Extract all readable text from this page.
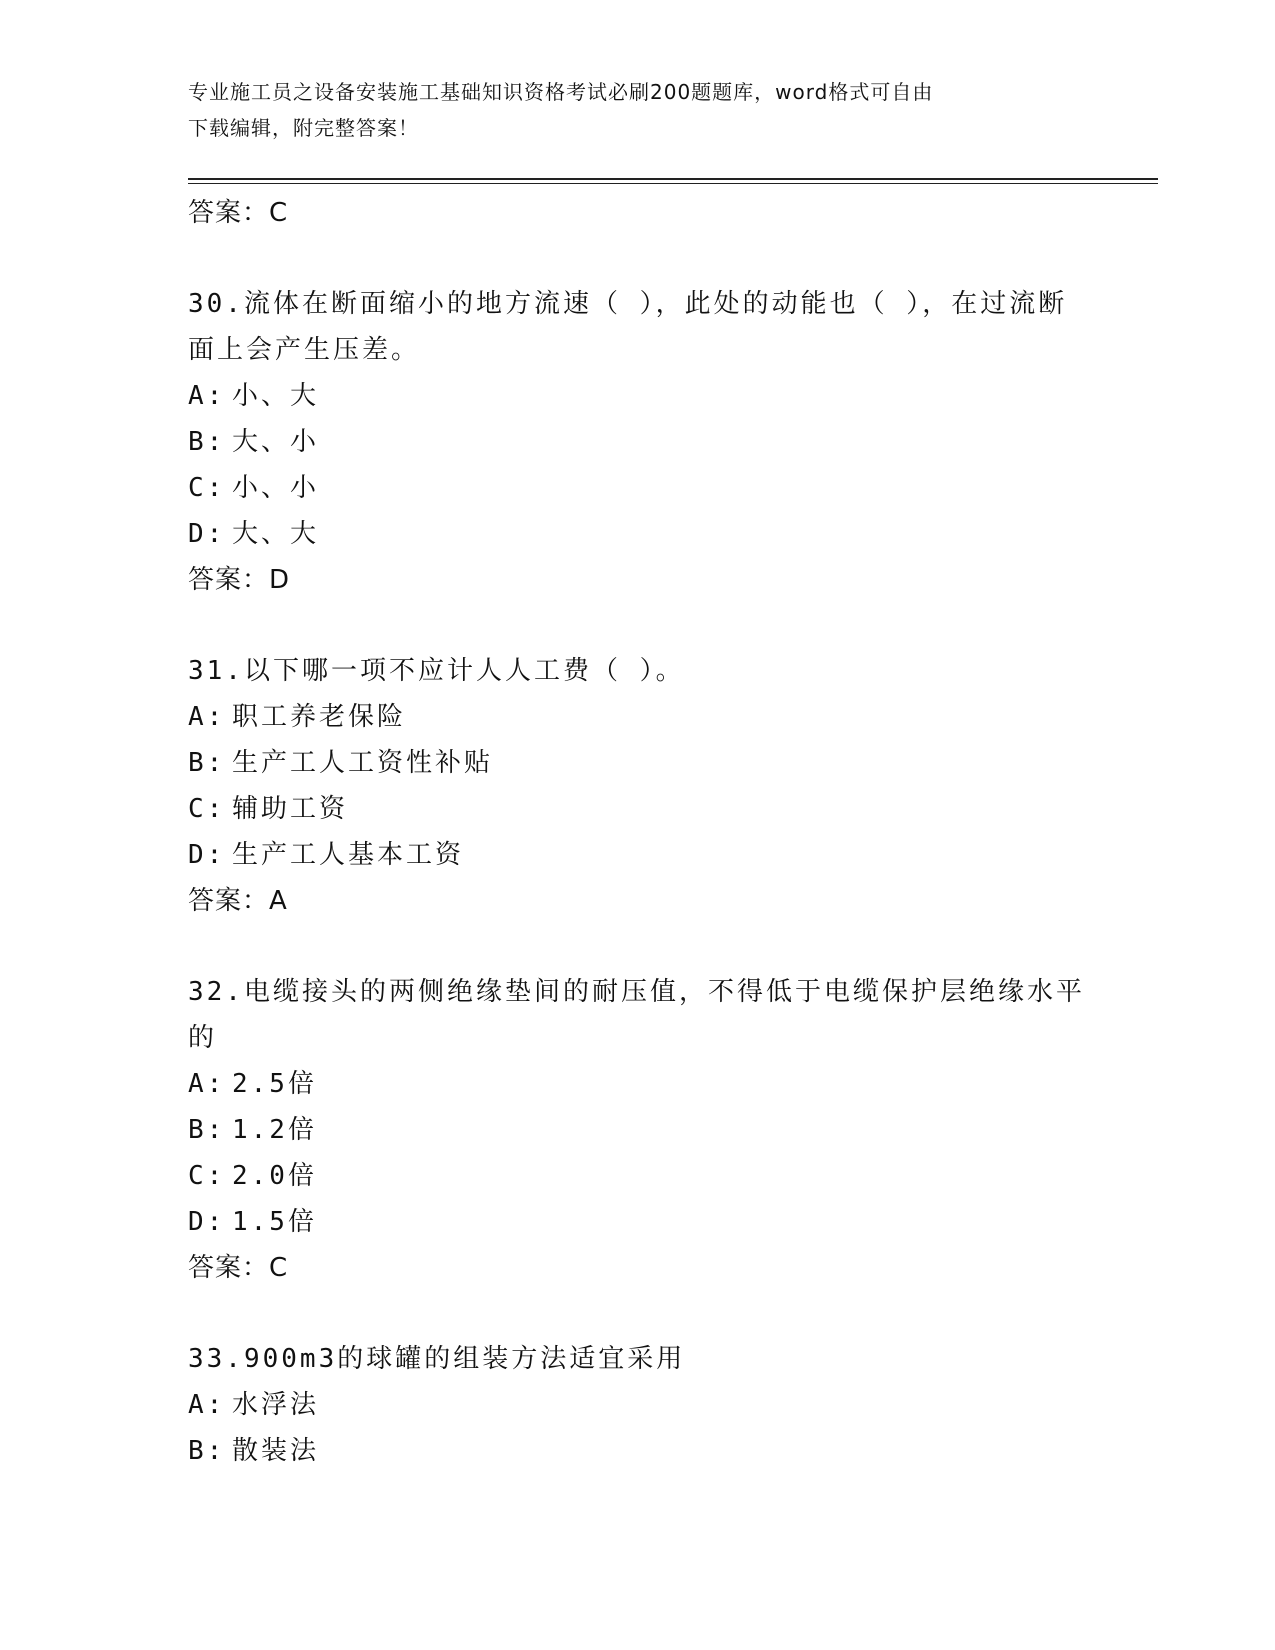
专业施工员之设备安装施工基础知识资格考试必刷200题题库，word格式可自由
下载编辑，附完整答案！
答案：C
30.流体在断面缩小的地方流速（ ），此处的动能也（ ），在过流断
面上会产生压差。
A: 小、大
B: 大、小
C: 小、小
D: 大、大
答案：D
31.以下哪一项不应计人人工费（ ）。
A: 职工养老保险
B: 生产工人工资性补贴
C: 辅助工资
D: 生产工人基本工资
答案：A
32.电缆接头的两侧绝缘垫间的耐压值，不得低于电缆保护层绝缘水平
的
A: 2.5倍
B: 1.2倍
C: 2.0倍
D: 1.5倍
答案：C
33.900m3的球罐的组装方法适宜采用
A: 水浮法
B: 散装法
